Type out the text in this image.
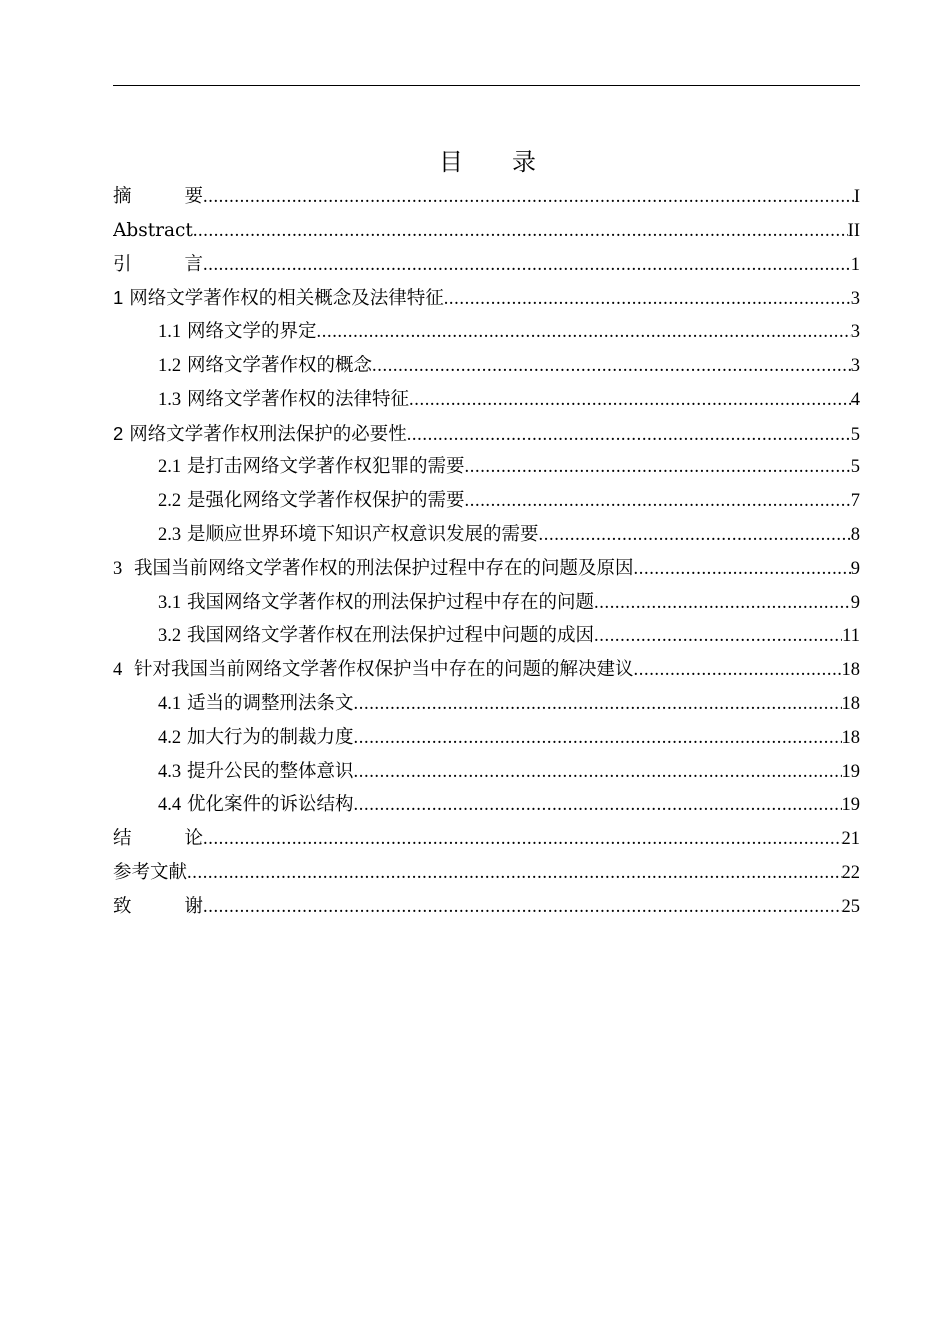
目　 录
摘 要 .....	I
Abstract .....	II
引 言 .....	1
1 网络文学著作权的相关概念及法律特征 .....	3
1.1 网络文学的界定 .....	3
1.2 网络文学著作权的概念 .....	3
1.3 网络文学著作权的法律特征 .....	4
2 网络文学著作权刑法保护的必要性 .....	5
2.1 是打击网络文学著作权犯罪的需要 .....	5
2.2 是强化网络文学著作权保护的需要 .....	7
2.3 是顺应世界环境下知识产权意识发展的需要 .....	8
3 我国当前网络文学著作权的刑法保护过程中存在的问题及原因 .....	9
3.1 我国网络文学著作权的刑法保护过程中存在的问题 .....	9
3.2 我国网络文学著作权在刑法保护过程中问题的成因 .....	11
4 针对我国当前网络文学著作权保护当中存在的问题的解决建议 .....	18
4.1 适当的调整刑法条文 .....	18
4.2 加大行为的制裁力度 .....	18
4.3 提升公民的整体意识 .....	19
4.4 优化案件的诉讼结构 .....	19
结 论 .....	21
参考文献 .....	22
致 谢 .....	25
